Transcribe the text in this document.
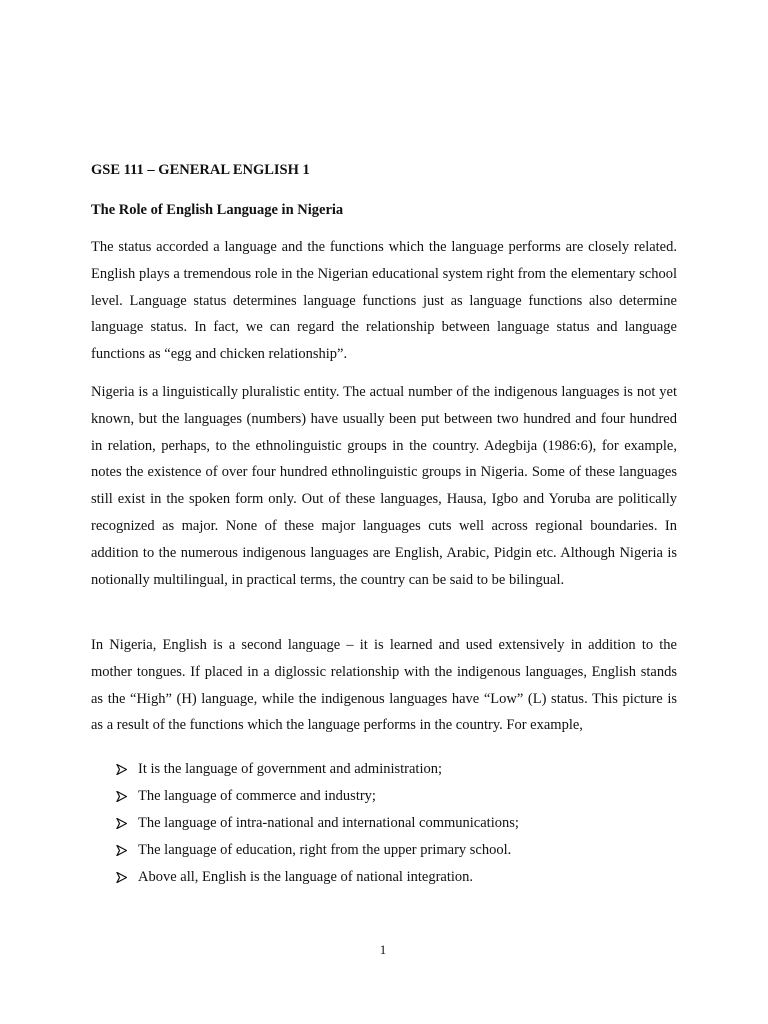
GSE 111 – GENERAL ENGLISH 1
The Role of English Language in Nigeria

The status accorded a language and the functions which the language performs are closely related. English plays a tremendous role in the Nigerian educational system right from the elementary school level. Language status determines language functions just as language functions also determine language status. In fact, we can regard the relationship between language status and language functions as “egg and chicken relationship”.

Nigeria is a linguistically pluralistic entity. The actual number of the indigenous languages is not yet known, but the languages (numbers) have usually been put between two hundred and four hundred in relation, perhaps, to the ethnolinguistic groups in the country. Adegbija (1986:6), for example, notes the existence of over four hundred ethnolinguistic groups in Nigeria. Some of these languages still exist in the spoken form only. Out of these languages, Hausa, Igbo and Yoruba are politically recognized as major. None of these major languages cuts well across regional boundaries. In addition to the numerous indigenous languages are English, Arabic, Pidgin etc. Although Nigeria is notionally multilingual, in practical terms, the country can be said to be bilingual.

In Nigeria, English is a second language – it is learned and used extensively in addition to the mother tongues. If placed in a diglossic relationship with the indigenous languages, English stands as the “High” (H) language, while the indigenous languages have “Low” (L) status. This picture is as a result of the functions which the language performs in the country. For example,

It is the language of government and administration;
The language of commerce and industry;
The language of intra-national and international communications;
The language of education, right from the upper primary school.
Above all, English is the language of national integration.
1
